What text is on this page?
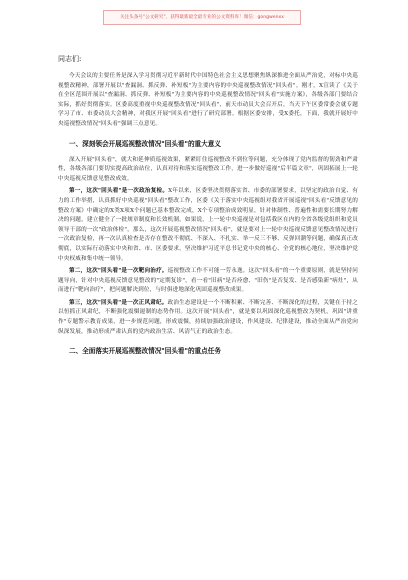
关注头条号"公文研究"，获得最新最全最专业的公文资料库！微信：gongwenxx

同志们:

今天会议的主要任务是深入学习贯彻习近平新时代中国特色社会主义思想聚焦纵深推进全面从严治党，对标中央巡视整改精神，部署开展以"查漏洞、抓反弹、补短板"为主要内容的中央巡视整改情况"回头看"。刚才，X宣读了《关于在全区范围开展以"查漏洞、抓反弹、补短板"为主要内容的中央巡视整改情况"回头看"实施方案》，各级各部门要结合实际，抓好贯彻落实。区委高度重视中央巡视整改情况"回头看"，前天市动员大会召开后，当天下午区委常委会就专题学习了市、市委动员大会精神，对我区开展"回头看"进行了研究部署。根据区委安排，受X委托，下面，我就开展好中央巡视整改情况"回头看"强调三点意见。

一、深刻领会开展巡视整改情况"回头看"的重大意义

深入开展"回头看"，就大和延伸质巡视效果，紧紧盯住巡视整改不到位等问题，充分体现了党内监督的韧劲和严肃性，各级各部门要切实提高政治站位，认真对待和落实巡视整改工作，进一步做好巡视"后半篇文章"，巩固拓展上一轮中央巡视反馈意见整改成效。

第一，这次"回头看"是一次政治复检。X年以来，区委坚决贯彻落实省、市委的部署要求，以坚定的政治自觉、有力的工作举措，认真抓好中央巡视"回头看"整改工作，区委《关于落实中央巡视组对我省开展巡视"回头看"反馈意见的整改方案》中确定的X类X项X个问题已基本整改完成，X个专项整治成效明显，针对体制性、普遍性和需要长期努力解决的问题，建立健全了一批规章制度和长效机制。如果说，上一轮中央巡视是对包括我区在内的全省各级党组织和党员领导干部的一次"政治体检"，那么，这次开展巡视整改情况"回头看"，就是要对上一轮中央巡视反馈意见整改情况进行一次政治复检，再一次认真检查是否存在整改不彻底、不深入、不扎实、举一反三不够、反弹回潮等问题，确保真正改彻底，以实际行动落实中央和省、市、区委要求，坚决维护习近平总书记党中央的核心、全党的核心地位，坚决维护党中央权威和集中统一领导。

第二，这次"回头看"是一次靶向治疗。巡视整改工作不可能一劳永逸。这次"回头看"的一个重要原则，就是坚持问题导向，针对中央巡视反馈意见整改的"定期复诊"，看一看"旧病"是否痊愈、"旧伤"是否复发、是否感染新"病灶"，从而进行"靶向治疗"，把问题解决到位，与时俱进地深化巩固巡视整改成果。

第三，这次"回头看"是一次正风肃纪。政治生态建设是一个不断积累、不断完善、不断深化的过程，关键在于持之以恒抓正风肃纪，不断强化震慑遏制的态势作用。这次开展"回头看"，就是要以巩固深化巡视整改为契机，巩固"讲重作"专题警示教育成果，进一步规范问题，形成震慑，持续加强政治建设，作风建设、纪律建设，推动全面从严治党向纵深发展，推动形成严肃认真的党内政治生活、风清气正的政治生态。

二、全面落实开展巡视整改情况"回头看"的重点任务
